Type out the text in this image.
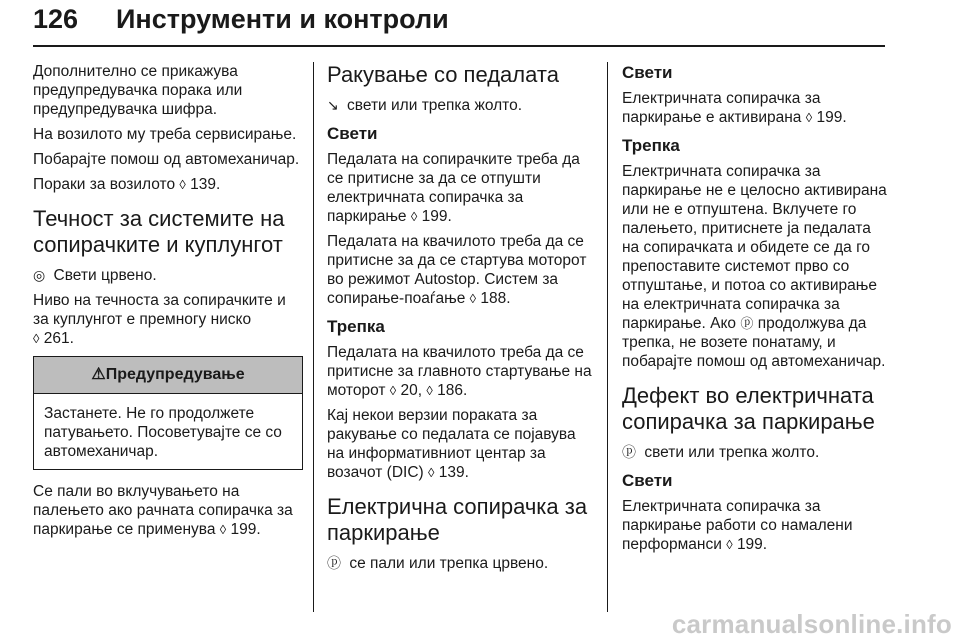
126 Инструменти и контроли

Дополнително се прикажува предупредувачка порака или предупредувачка шифра.

На возилото му треба сервисирање.

Побарајте помош од автомеханичар.

Пораки за возилото ◊ 139.

Течност за системите на сопирачките и куплунгот

◎ Свети црвено.

Ниво на течноста за сопирачките и за куплунгот е премногу ниско
◊ 261.

⚠Предупредување
Застанете. Не го продолжете патувањето. Посоветувајте се со автомеханичар.

Се пали во вклучувањето на палењето ако рачната сопирачка за паркирање се применува ◊ 199.

Ракување со педалата

↘ свети или трепка жолто.

Свети

Педалата на сопирачките треба да се притисне за да се отпушти електричната сопирачка за паркирање ◊ 199.

Педалата на квачилото треба да се притисне за да се стартува моторот во режимот Autostop. Систем за сопирање-поаѓање ◊ 188.

Трепка

Педалата на квачилото треба да се притисне за главното стартување на моторот ◊ 20, ◊ 186.

Кај некои верзии пораката за ракување со педалата се појавува на информативниот центар за возачот (DIC) ◊ 139.

Електрична сопирачка за паркирање

ⓟ се пали или трепка црвено.

Свети

Електричната сопирачка за паркирање е активирана ◊ 199.

Трепка

Електричната сопирачка за паркирање не е целосно активирана или не е отпуштена. Вклучете го палењето, притиснете ја педалата на сопирачката и обидете се да го препоставите системот прво со отпуштање, и потоа со активирање на електричната сопирачка за паркирање. Ако ⓟ продолжува да трепка, не возете понатаму, и побарајте помош од автомеханичар.

Дефект во електричната сопирачка за паркирање

ⓟ свети или трепка жолто.

Свети

Електричната сопирачка за паркирање работи со намалени перформанси ◊ 199.

carmanualsonline.info
